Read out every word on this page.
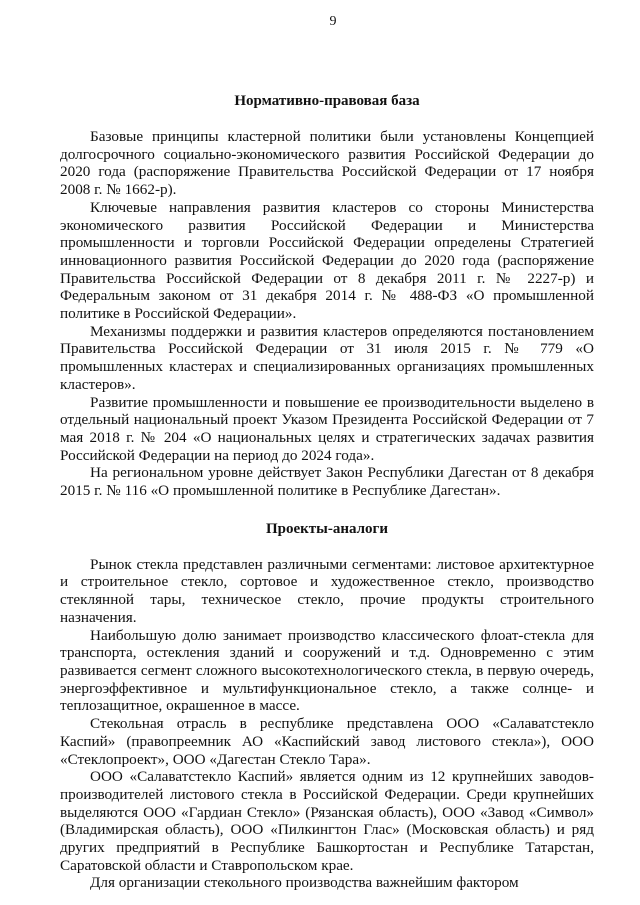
9
Нормативно-правовая база

Базовые принципы кластерной политики были установлены Концепцией долгосрочного социально-экономического развития Российской Федерации до 2020 года (распоряжение Правительства Российской Федерации от 17 ноября 2008 г. № 1662-р).

Ключевые направления развития кластеров со стороны Министерства экономического развития Российской Федерации и Министерства промышленности и торговли Российской Федерации определены Стратегией инновационного развития Российской Федерации до 2020 года (распоряжение Правительства Российской Федерации от 8 декабря 2011 г. № 2227-р) и Федеральным законом от 31 декабря 2014 г. № 488-ФЗ «О промышленной политике в Российской Федерации».

Механизмы поддержки и развития кластеров определяются постановлением Правительства Российской Федерации от 31 июля 2015 г. № 779 «О промышленных кластерах и специализированных организациях промышленных кластеров».

Развитие промышленности и повышение ее производительности выделено в отдельный национальный проект Указом Президента Российской Федерации от 7 мая 2018 г. № 204 «О национальных целях и стратегических задачах развития Российской Федерации на период до 2024 года».

На региональном уровне действует Закон Республики Дагестан от 8 декабря 2015 г. № 116 «О промышленной политике в Республике Дагестан».

Проекты-аналоги

Рынок стекла представлен различными сегментами: листовое архитектурное и строительное стекло, сортовое и художественное стекло, производство стеклянной тары, техническое стекло, прочие продукты строительного назначения.

Наибольшую долю занимает производство классического флоат-стекла для транспорта, остекления зданий и сооружений и т.д. Одновременно с этим развивается сегмент сложного высокотехнологического стекла, в первую очередь, энергоэффективное и мультифункциональное стекло, а также солнце- и теплозащитное, окрашенное в массе.

Стекольная отрасль в республике представлена ООО «Салаватстекло Каспий» (правопреемник АО «Каспийский завод листового стекла»), ООО «Стеклопроект», ООО «Дагестан Стекло Тара».

ООО «Салаватстекло Каспий» является одним из 12 крупнейших заводов-производителей листового стекла в Российской Федерации. Среди крупнейших выделяются ООО «Гардиан Стекло» (Рязанская область), ООО «Завод «Символ» (Владимирская область), ООО «Пилкингтон Глас» (Московская область) и ряд других предприятий в Республике Башкортостан и Республике Татарстан, Саратовской области и Ставропольском крае.

Для организации стекольного производства важнейшим фактором
